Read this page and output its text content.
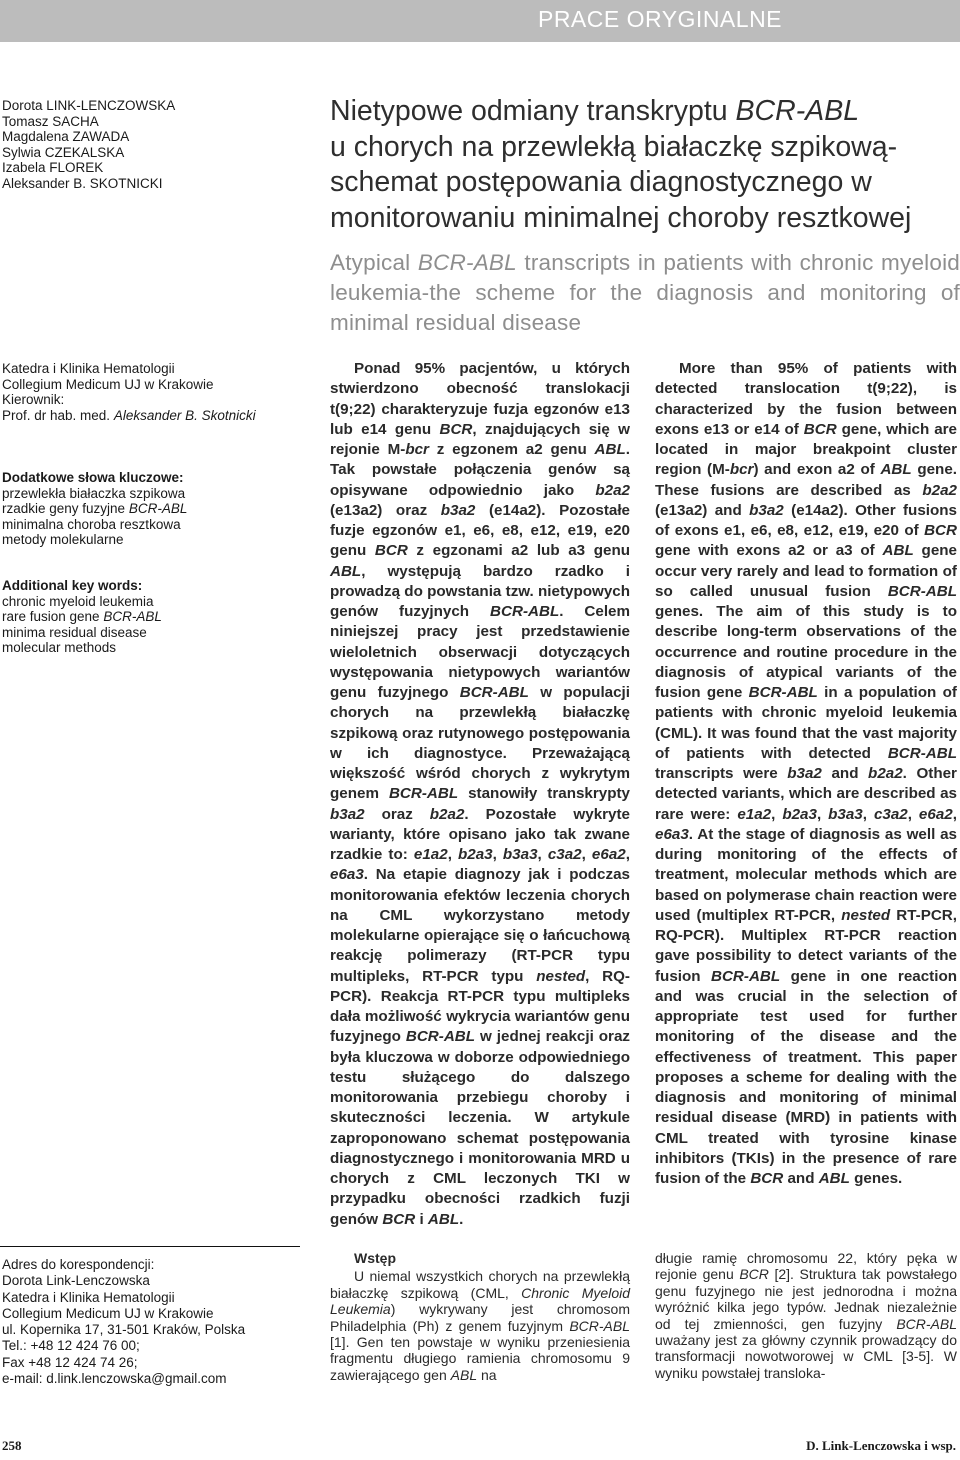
PRACE ORYGINALNE
Dorota LINK-LENCZOWSKA
Tomasz SACHA
Magdalena ZAWADA
Sylwia CZEKALSKA
Izabela FLOREK
Aleksander B. SKOTNICKI
Nietypowe odmiany transkryptu BCR-ABL
u chorych na przewlekłą białaczkę szpikową-
schemat postępowania diagnostycznego w
monitorowaniu minimalnej choroby resztkowej
Atypical BCR-ABL transcripts in patients with chronic myeloid leukemia-the scheme for the diagnosis and monitoring of minimal residual disease
Katedra i Klinika Hematologii
Collegium Medicum UJ w Krakowie
Kierownik:
Prof. dr hab. med. Aleksander B. Skotnicki
Dodatkowe słowa kluczowe:
przewlekła białaczka szpikowa
rzadkie geny fuzyjne BCR-ABL
minimalna choroba resztkowa
metody molekularne
Additional key words:
chronic myeloid leukemia
rare fusion gene BCR-ABL
minima residual disease
molecular methods
Ponad 95% pacjentów, u których stwierdzono obecność translokacji t(9;22) charakteryzuje fuzja egzonów e13 lub e14 genu BCR, znajdujących się w rejonie M-bcr z egzonem a2 genu ABL. Tak powstałe połączenia genów są opisywane odpowiednio jako b2a2 (e13a2) oraz b3a2 (e14a2). Pozostałe fuzje egzonów e1, e6, e8, e12, e19, e20 genu BCR z egzonami a2 lub a3 genu ABL, występują bardzo rzadko i prowadzą do powstania tzw. nietypowych genów fuzyjnych BCR-ABL. Celem niniejszej pracy jest przedstawienie wieloletnich obserwacji dotyczących występowania nietypowych wariantów genu fuzyjnego BCR-ABL w populacji chorych na przewlekłą białaczkę szpikową oraz rutynowego postępowania w ich diagnostyce. Przeważającą większość wśród chorych z wykrytym genem BCR-ABL stanowiły transkrypty b3a2 oraz b2a2. Pozostałe wykryte warianty, które opisano jako tak zwane rzadkie to: e1a2, b2a3, b3a3, c3a2, e6a2, e6a3. Na etapie diagnozy jak i podczas monitorowania efektów leczenia chorych na CML wykorzystano metody molekularne opierające się o łańcuchową reakcję polimerazy (RT-PCR typu multipleks, RT-PCR typu nested, RQ-PCR). Reakcja RT-PCR typu multipleks dała możliwość wykrycia wariantów genu fuzyjnego BCR-ABL w jednej reakcji oraz była kluczowa w doborze odpowiedniego testu służącego do dalszego monitorowania przebiegu choroby i skuteczności leczenia. W artykule zaproponowano schemat postępowania diagnostycznego i monitorowania MRD u chorych z CML leczonych TKI w przypadku obecności rzadkich fuzji genów BCR i ABL.
More than 95% of patients with detected translocation t(9;22), is characterized by the fusion between exons e13 or e14 of BCR gene, which are located in major breakpoint cluster region (M-bcr) and exon a2 of ABL gene. These fusions are described as b2a2 (e13a2) and b3a2 (e14a2). Other fusions of exons e1, e6, e8, e12, e19, e20 of BCR gene with exons a2 or a3 of ABL gene occur very rarely and lead to formation of so called unusual fusion BCR-ABL genes. The aim of this study is to describe long-term observations of the occurrence and routine procedure in the diagnosis of atypical variants of the fusion gene BCR-ABL in a population of patients with chronic myeloid leukemia (CML). It was found that the vast majority of patients with detected BCR-ABL transcripts were b3a2 and b2a2. Other detected variants, which are described as rare were: e1a2, b2a3, b3a3, c3a2, e6a2, e6a3. At the stage of diagnosis as well as during monitoring of the effects of treatment, molecular methods which are based on polymerase chain reaction were used (multiplex RT-PCR, nested RT-PCR, RQ-PCR). Multiplex RT-PCR reaction gave possibility to detect variants of the fusion BCR-ABL gene in one reaction and was crucial in the selection of appropriate test used for further monitoring of the disease and the effectiveness of treatment. This paper proposes a scheme for dealing with the diagnosis and monitoring of minimal residual disease (MRD) in patients with CML treated with tyrosine kinase inhibitors (TKIs) in the presence of rare fusion of the BCR and ABL genes.
Adres do korespondencji:
Dorota Link-Lenczowska
Katedra i Klinika Hematologii
Collegium Medicum UJ w Krakowie
ul. Kopernika 17, 31-501 Kraków, Polska
Tel.: +48 12 424 76 00;
Fax +48 12 424 74 26;
e-mail: d.link.lenczowska@gmail.com
Wstęp

U niemal wszystkich chorych na przewlekłą białaczkę szpikową (CML, Chronic Myeloid Leukemia) wykrywany jest chromosom Philadelphia (Ph) z genem fuzyjnym BCR-ABL [1]. Gen ten powstaje w wyniku przeniesienia fragmentu długiego ramienia chromosomu 9 zawierającego gen ABL na

długie ramię chromosomu 22, który pęka w rejonie genu BCR [2]. Struktura tak powstałego genu fuzyjnego nie jest jednorodna i można wyróżnić kilka jego typów. Jednak niezależnie od tej zmienności, gen fuzyjny BCR-ABL uważany jest za główny czynnik prowadzący do transformacji nowotworowej w CML [3-5]. W wyniku powstałej transloka-

258	D. Link-Lenczowska i wsp.
